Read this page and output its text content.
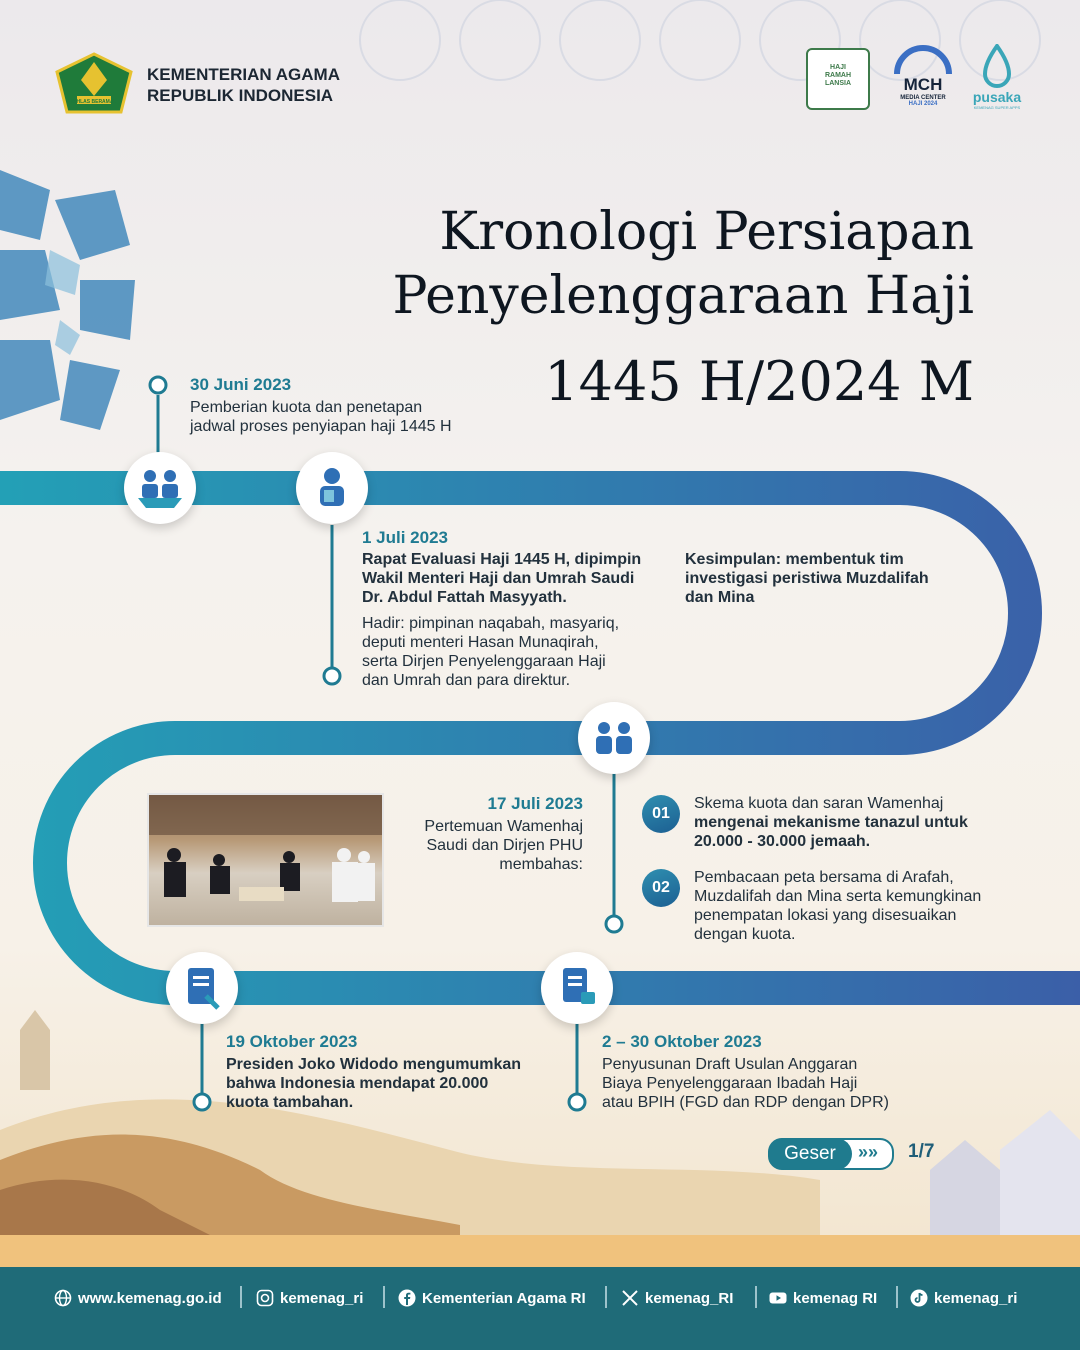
IKHLAS BERAMAL
KEMENTERIAN AGAMA
REPUBLIK INDONESIA
HAJI
RAMAH
LANSIA	MCH
MEDIA CENTER
HAJI 2024	pusaka
KEMENAG SUPER APPS
Kronologi Persiapan
Penyelenggaraan Haji
1445 H/2024 M
30 Juni 2023
Pemberian kuota dan penetapan
jadwal proses penyiapan haji 1445 H
1 Juli 2023
Rapat Evaluasi Haji 1445 H, dipimpin
Wakil Menteri Haji dan Umrah Saudi
Dr. Abdul Fattah Masyyath.
Hadir: pimpinan naqabah, masyariq,
deputi menteri Hasan Munaqirah,
serta Dirjen Penyelenggaraan Haji
dan Umrah dan para direktur.
Kesimpulan: membentuk tim
investigasi peristiwa Muzdalifah
dan Mina
17 Juli 2023
Pertemuan Wamenhaj
Saudi dan Dirjen PHU
membahas:
01
Skema kuota dan saran Wamenhaj
mengenai mekanisme tanazul untuk
20.000 - 30.000 jemaah.
02
Pembacaan peta bersama di Arafah,
Muzdalifah dan Mina serta kemungkinan
penempatan lokasi yang disesuaikan
dengan kuota.
19 Oktober 2023
Presiden Joko Widodo mengumumkan
bahwa Indonesia mendapat 20.000
kuota tambahan.
2 – 30 Oktober 2023
Penyusunan Draft Usulan Anggaran
Biaya Penyelenggaraan Ibadah Haji
atau BPIH (FGD dan RDP dengan DPR)
Geser	»» 1/7
www.kemenag.go.id	kemenag_ri	Kementerian Agama RI	kemenag_RI	kemenag RI	kemenag_ri
